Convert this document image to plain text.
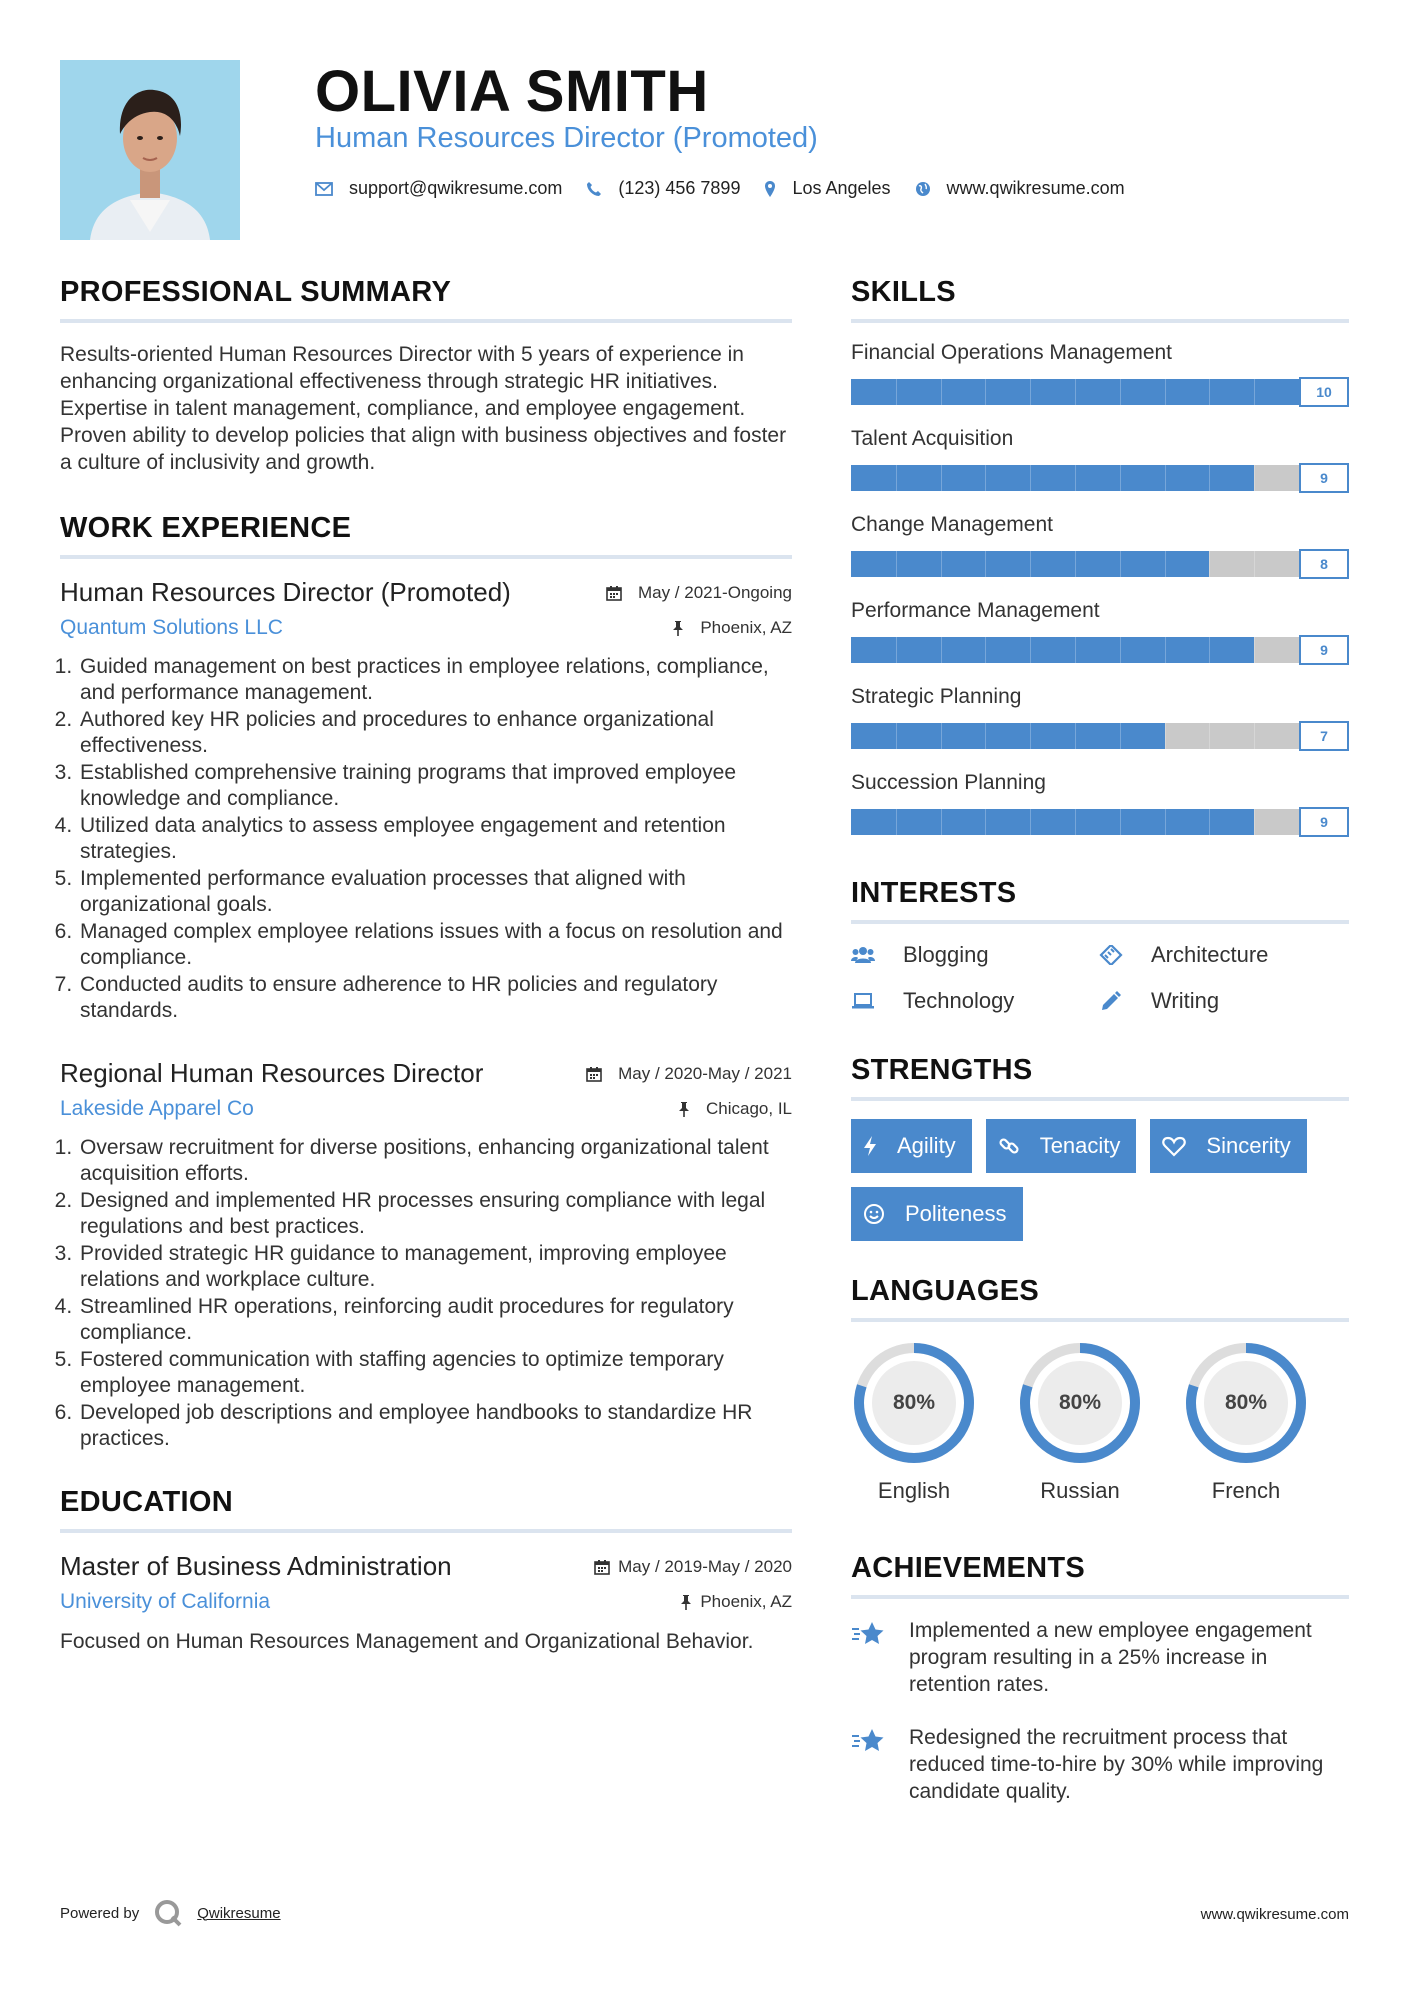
OLIVIA SMITH
Human Resources Director (Promoted)
support@qwikresume.com	(123) 456 7899	Los Angeles	www.qwikresume.com
PROFESSIONAL SUMMARY
Results-oriented Human Resources Director with 5 years of experience in enhancing organizational effectiveness through strategic HR initiatives. Expertise in talent management, compliance, and employee engagement. Proven ability to develop policies that align with business objectives and foster a culture of inclusivity and growth.
WORK EXPERIENCE
Human Resources Director (Promoted)	May / 2021-Ongoing
Quantum Solutions LLC	Phoenix, AZ
1. Guided management on best practices in employee relations, compliance, and performance management.
2. Authored key HR policies and procedures to enhance organizational effectiveness.
3. Established comprehensive training programs that improved employee knowledge and compliance.
4. Utilized data analytics to assess employee engagement and retention strategies.
5. Implemented performance evaluation processes that aligned with organizational goals.
6. Managed complex employee relations issues with a focus on resolution and compliance.
7. Conducted audits to ensure adherence to HR policies and regulatory standards.
Regional Human Resources Director	May / 2020-May / 2021
Lakeside Apparel Co	Chicago, IL
1. Oversaw recruitment for diverse positions, enhancing organizational talent acquisition efforts.
2. Designed and implemented HR processes ensuring compliance with legal regulations and best practices.
3. Provided strategic HR guidance to management, improving employee relations and workplace culture.
4. Streamlined HR operations, reinforcing audit procedures for regulatory compliance.
5. Fostered communication with staffing agencies to optimize temporary employee management.
6. Developed job descriptions and employee handbooks to standardize HR practices.
EDUCATION
Master of Business Administration	May / 2019-May / 2020
University of California	Phoenix, AZ
Focused on Human Resources Management and Organizational Behavior.
SKILLS
Financial Operations Management
10
Talent Acquisition
9
Change Management
8
Performance Management
9
Strategic Planning
7
Succession Planning
9
INTERESTS
Blogging	Architecture
Technology	Writing
STRENGTHS
Agility	Tenacity	Sincerity
Politeness
LANGUAGES
80%
English
80%
Russian
80%
French
ACHIEVEMENTS
Implemented a new employee engagement program resulting in a 25% increase in retention rates.
Redesigned the recruitment process that reduced time-to-hire by 30% while improving candidate quality.
Powered by	Qwikresume	www.qwikresume.com
